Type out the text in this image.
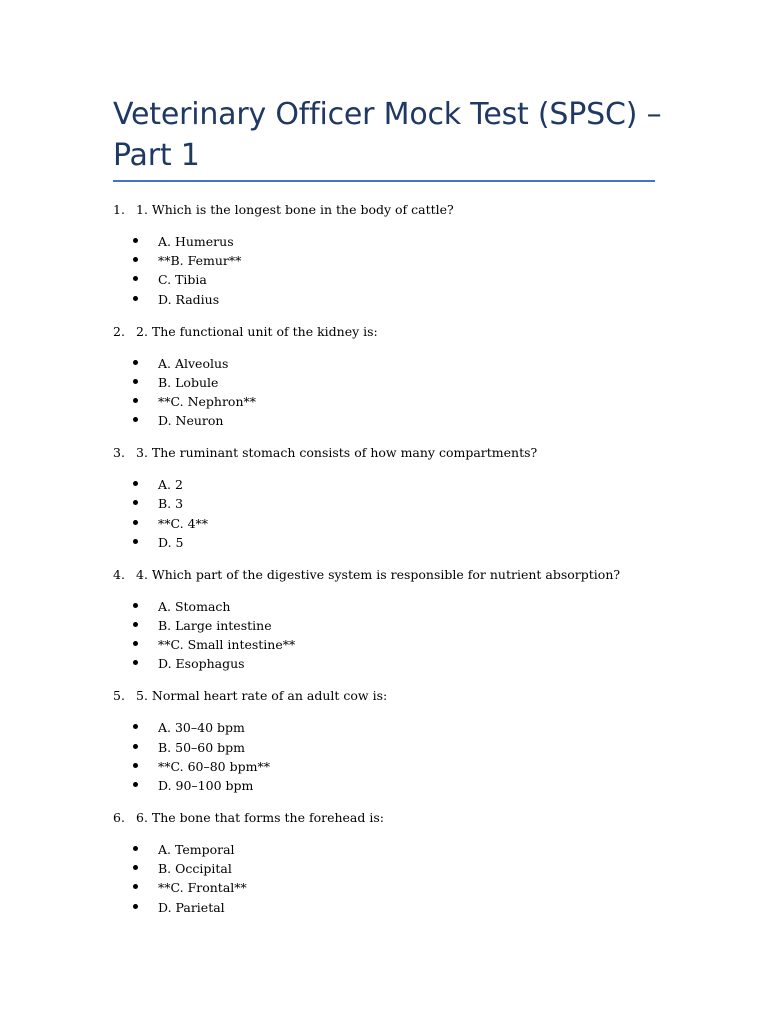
Veterinary Officer Mock Test (SPSC) – Part 1
1. 1. Which is the longest bone in the body of cattle?
A. Humerus
**B. Femur**
C. Tibia
D. Radius
2. 2. The functional unit of the kidney is:
A. Alveolus
B. Lobule
**C. Nephron**
D. Neuron
3. 3. The ruminant stomach consists of how many compartments?
A. 2
B. 3
**C. 4**
D. 5
4. 4. Which part of the digestive system is responsible for nutrient absorption?
A. Stomach
B. Large intestine
**C. Small intestine**
D. Esophagus
5. 5. Normal heart rate of an adult cow is:
A. 30–40 bpm
B. 50–60 bpm
**C. 60–80 bpm**
D. 90–100 bpm
6. 6. The bone that forms the forehead is:
A. Temporal
B. Occipital
**C. Frontal**
D. Parietal
